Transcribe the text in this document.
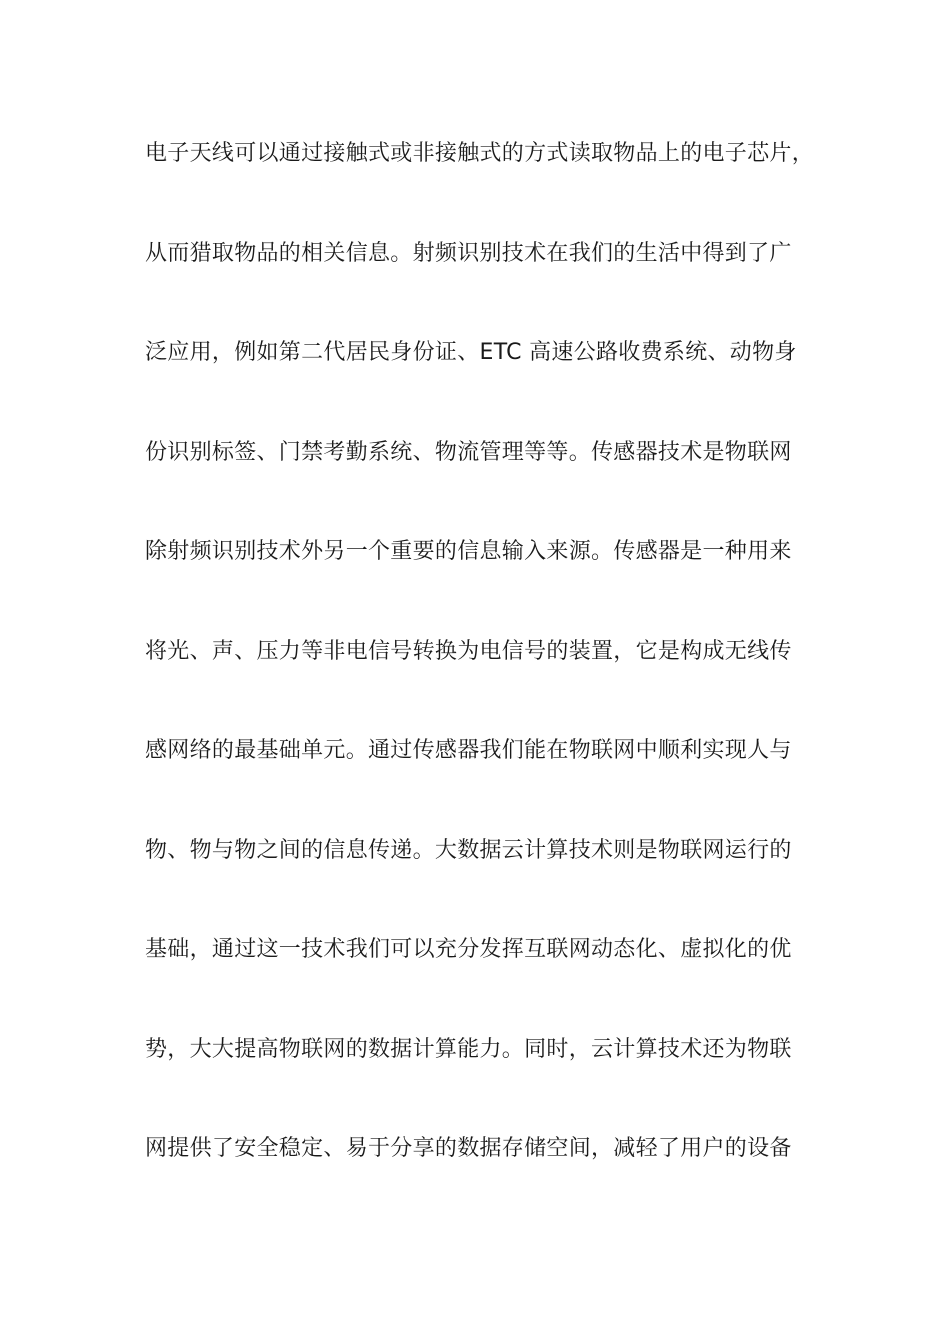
电子天线可以通过接触式或非接触式的方式读取物品上的电子芯片，
从而猎取物品的相关信息。射频识别技术在我们的生活中得到了广
泛应用，例如第二代居民身份证、ETC 高速公路收费系统、动物身
份识别标签、门禁考勤系统、物流管理等等。传感器技术是物联网
除射频识别技术外另一个重要的信息输入来源。传感器是一种用来
将光、声、压力等非电信号转换为电信号的装置，它是构成无线传
感网络的最基础单元。通过传感器我们能在物联网中顺利实现人与
物、物与物之间的信息传递。大数据云计算技术则是物联网运行的
基础，通过这一技术我们可以充分发挥互联网动态化、虚拟化的优
势，大大提高物联网的数据计算能力。同时，云计算技术还为物联
网提供了安全稳定、易于分享的数据存储空间，减轻了用户的设备
